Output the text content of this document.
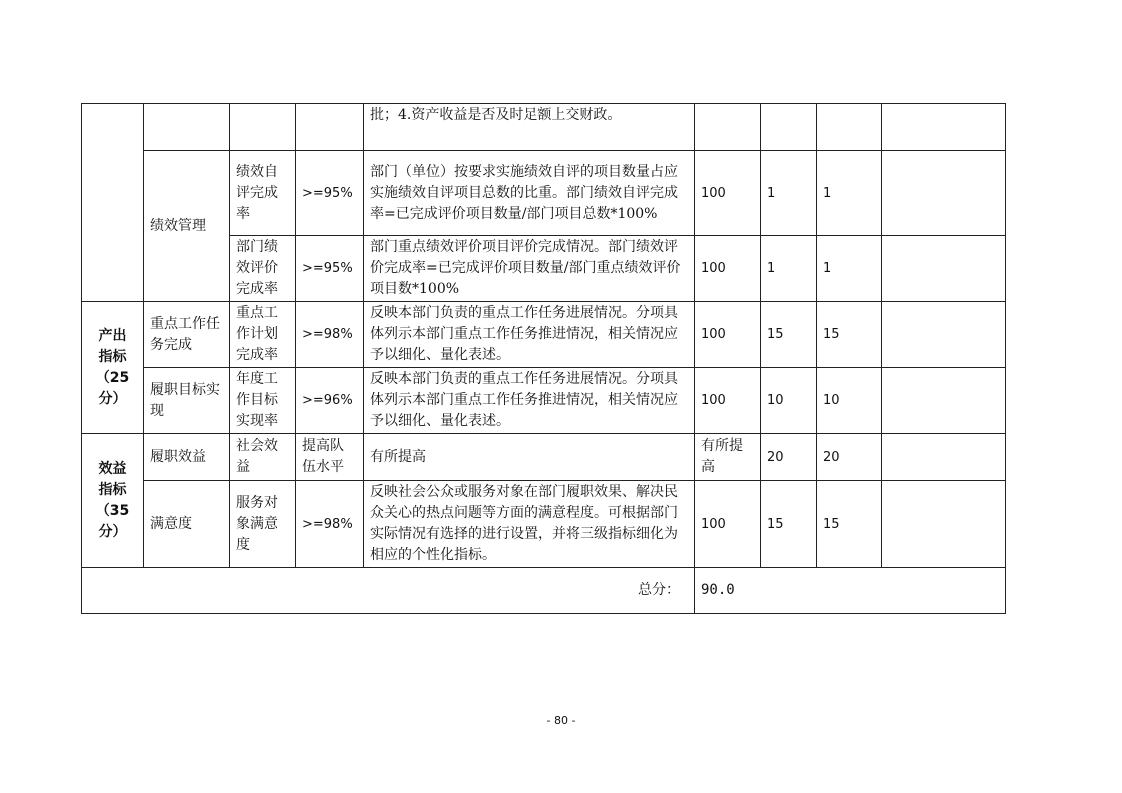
				批；4.资产收益是否及时足额上交财政。				
	绩效管理	绩效自评完成率	>=95%	部门（单位）按要求实施绩效自评的项目数量占应实施绩效自评项目总数的比重。部门绩效自评完成率=已完成评价项目数量/部门项目总数*100%	100	1	1	
		部门绩效评价完成率	>=95%	部门重点绩效评价项目评价完成情况。部门绩效评价完成率=已完成评价项目数量/部门重点绩效评价项目数*100%	100	1	1	

产出
指标
（25
分）	重点工作任务完成	重点工作计划完成率	>=98%	反映本部门负责的重点工作任务进展情况。分项具体列示本部门重点工作任务推进情况，相关情况应予以细化、量化表述。	100	15	15	
	履职目标实现	年度工作目标实现率	>=96%	反映本部门负责的重点工作任务进展情况。分项具体列示本部门重点工作任务推进情况，相关情况应予以细化、量化表述。	100	10	10	

效益
指标
（35
分）	履职效益	社会效益	提高队伍水平	有所提高	有所提高	20	20	
	满意度	服务对象满意度	>=98%	反映社会公众或服务对象在部门履职效果、解决民众关心的热点问题等方面的满意程度。可根据部门实际情况有选择的进行设置，并将三级指标细化为相应的个性化指标。	100	15	15	
总分：					90.0			
- 80 -
